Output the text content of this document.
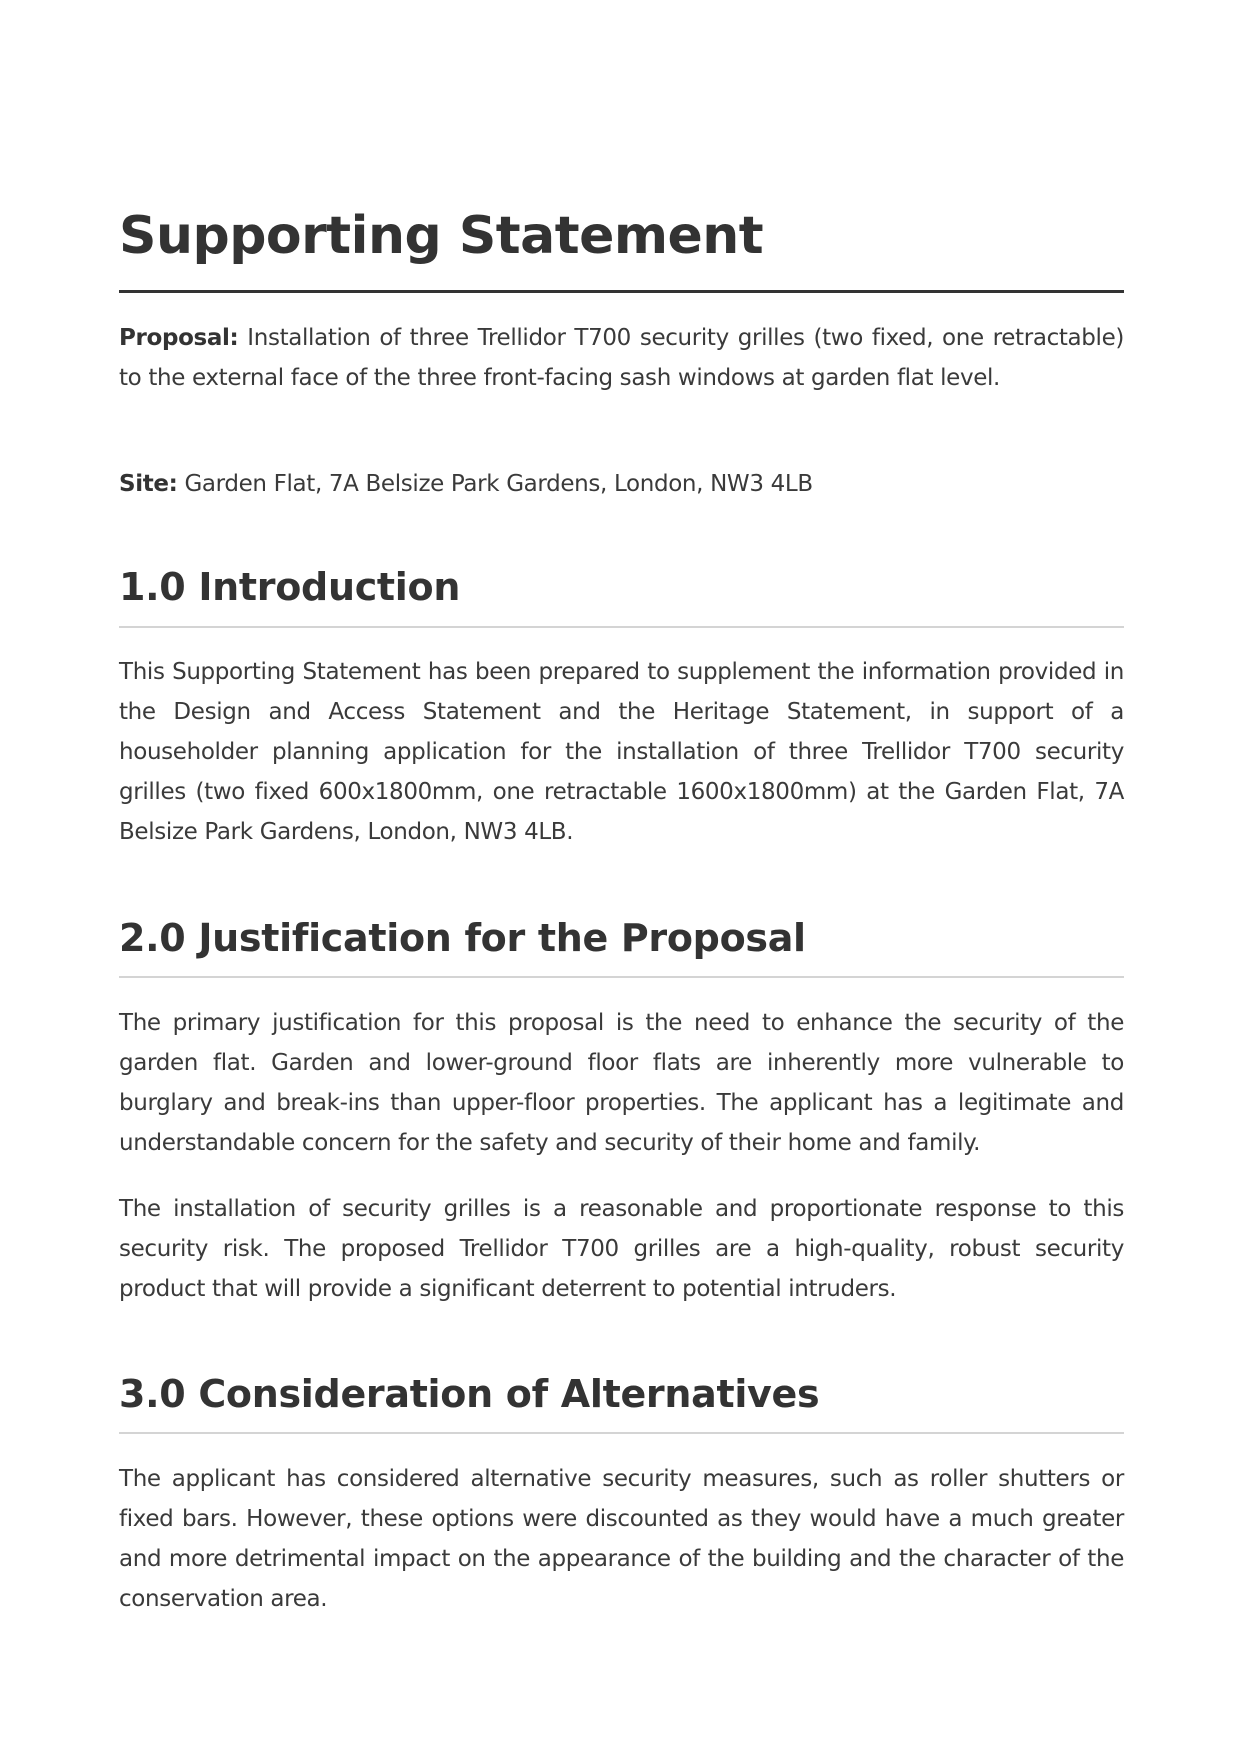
Supporting Statement

Proposal: Installation of three Trellidor T700 security grilles (two fixed, one retractable) to the external face of the three front-facing sash windows at garden flat level.

Site: Garden Flat, 7A Belsize Park Gardens, London, NW3 4LB

1.0 Introduction

This Supporting Statement has been prepared to supplement the information provided in the Design and Access Statement and the Heritage Statement, in support of a householder planning application for the installation of three Trellidor T700 security grilles (two fixed 600x1800mm, one retractable 1600x1800mm) at the Garden Flat, 7A Belsize Park Gardens, London, NW3 4LB.

2.0 Justification for the Proposal

The primary justification for this proposal is the need to enhance the security of the garden flat. Garden and lower-ground floor flats are inherently more vulnerable to burglary and break-ins than upper-floor properties. The applicant has a legitimate and understandable concern for the safety and security of their home and family.

The installation of security grilles is a reasonable and proportionate response to this security risk. The proposed Trellidor T700 grilles are a high-quality, robust security product that will provide a significant deterrent to potential intruders.

3.0 Consideration of Alternatives

The applicant has considered alternative security measures, such as roller shutters or fixed bars. However, these options were discounted as they would have a much greater and more detrimental impact on the appearance of the building and the character of the conservation area.
